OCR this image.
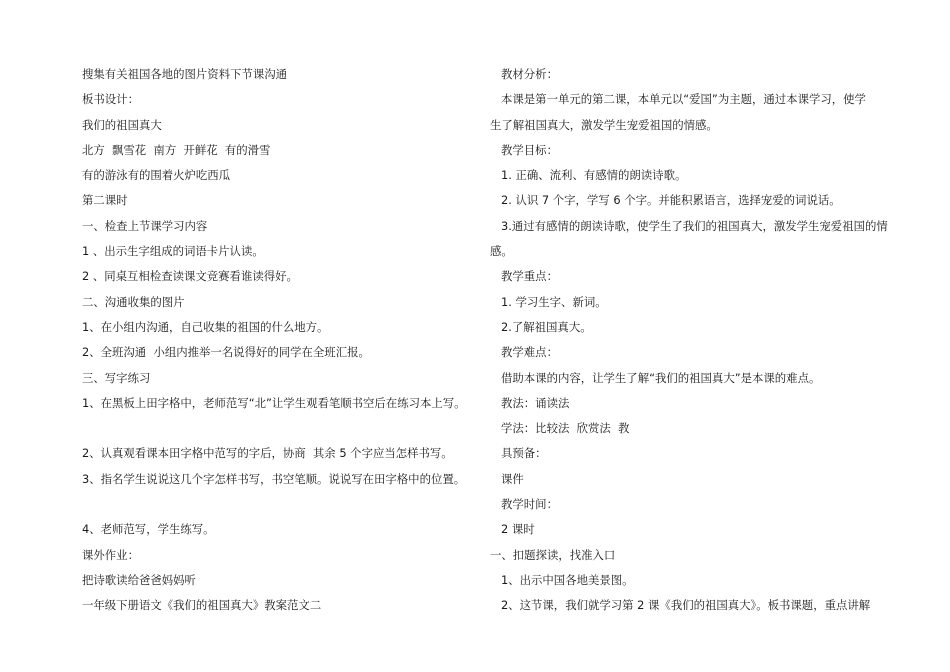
搜集有关祖国各地的图片资料下节课沟通
板书设计：
我们的祖国真大
北方  飘雪花  南方  开鲜花  有的滑雪
有的游泳有的围着火炉吃西瓜
第二课时
一、检查上节课学习内容
1 、出示生字组成的词语卡片认读。
2 、同桌互相检查读课文竞赛看谁读得好。
二、沟通收集的图片
1、在小组内沟通，自己收集的祖国的什么地方。
2、全班沟通  小组内推举一名说得好的同学在全班汇报。
三、写字练习
1、在黑板上田字格中，老师范写“北”让学生观看笔顺书空后在练习本上写。
2、认真观看课本田字格中范写的字后，协商  其余 5 个字应当怎样书写。
3、指名学生说说这几个字怎样书写，书空笔顺。说说写在田字格中的位置。
4、老师范写，学生练写。
课外作业：
把诗歌读给爸爸妈妈听
一年级下册语文《我们的祖国真大》教案范文二
教材分析：
本课是第一单元的第二课，本单元以“爱国”为主题，通过本课学习，使学
生了解祖国真大，激发学生宠爱祖国的情感。
教学目标：
1. 正确、流利、有感情的朗读诗歌。
2. 认识 7 个字，学写 6 个字。并能积累语言，选择宠爱的词说话。
3.通过有感情的朗读诗歌，使学生了我们的祖国真大，激发学生宠爱祖国的情
感。
教学重点：
1. 学习生字、新词。
2.了解祖国真大。
教学难点：
借助本课的内容，让学生了解“我们的祖国真大”是本课的难点。
教法：诵读法
学法：比较法  欣赏法  教
具预备：
课件
教学时间：
2 课时
一、扣题探读，找准入口
1、出示中国各地美景图。
2、这节课，我们就学习第 2 课《我们的祖国真大》。板书课题，重点讲解
